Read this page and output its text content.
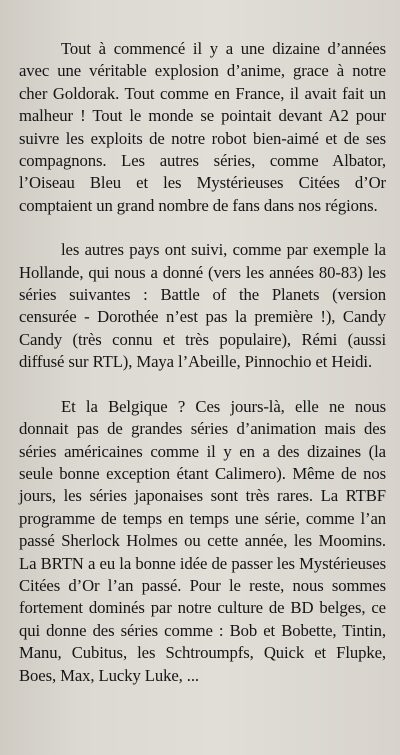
Tout à commencé il y a une dizaine d’années avec une véritable explosion d’anime, grace à notre cher Goldorak. Tout comme en France, il avait fait un malheur ! Tout le monde se pointait devant A2 pour suivre les exploits de notre robot bien-aimé et de ses compagnons. Les autres séries, comme Albator, l’Oiseau Bleu et les Mystérieuses Citées d’Or comptaient un grand nombre de fans dans nos régions.

les autres pays ont suivi, comme par exemple la Hollande, qui nous a donné (vers les années 80-83) les séries suivantes : Battle of the Planets (version censurée - Dorothée n’est pas la première !), Candy Candy (très connu et très populaire), Rémi (aussi diffusé sur RTL), Maya l’Abeille, Pinnochio et Heidi.

Et la Belgique ? Ces jours-là, elle ne nous donnait pas de grandes séries d’animation mais des séries américaines comme il y en a des dizaines (la seule bonne exception étant Calimero). Même de nos jours, les séries japonaises sont très rares. La RTBF programme de temps en temps une série, comme l’an passé Sherlock Holmes ou cette année, les Moomins. La BRTN a eu la bonne idée de passer les Mystérieuses Citées d’Or l’an passé. Pour le reste, nous sommes fortement dominés par notre culture de BD belges, ce qui donne des séries comme : Bob et Bobette, Tintin, Manu, Cubitus, les Schtroumpfs, Quick et Flupke, Boes, Max, Lucky Luke, ...
